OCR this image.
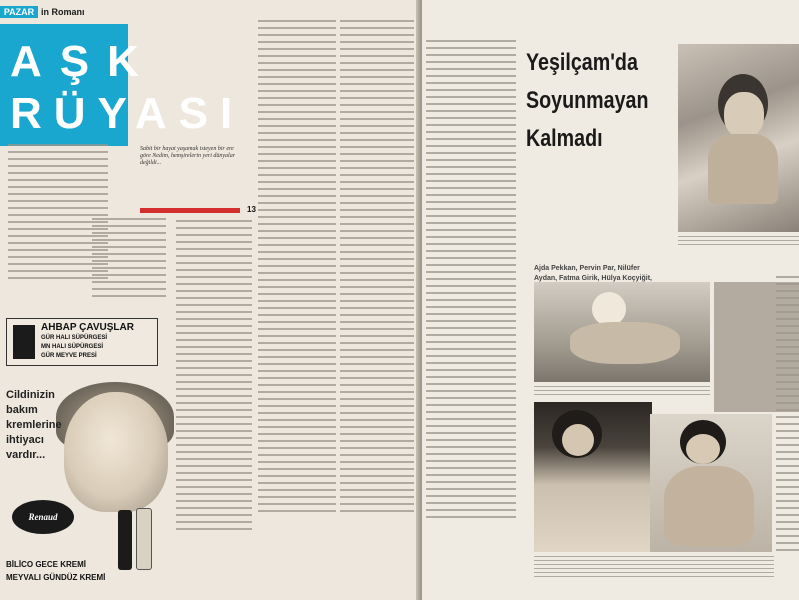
PAZAR in Romanı
AŞK
RÜYASI
Sabit bir hayat yaşamak isteyen bir ere göre Nedim, hemşirelerin yeri dünyalar değildi...
13
AHBAP ÇAVUŞLAR
GÜR HALI SÜPÜRGESİ
MN HALI SÜPÜRGESİ
GÜR MEYVE PRESİ
Cildinizin bakım kremlerine ihtiyacı vardır...
Renaud
BİLİCO GECE KREMİ
MEYVALI GÜNDÜZ KREMİ
Yeşilçam'da Soyunmayan Kalmadı
Ajda Pekkan, Pervin Par, Nilüfer Aydan, Fatma Girik, Hülya Koçyiğit,
